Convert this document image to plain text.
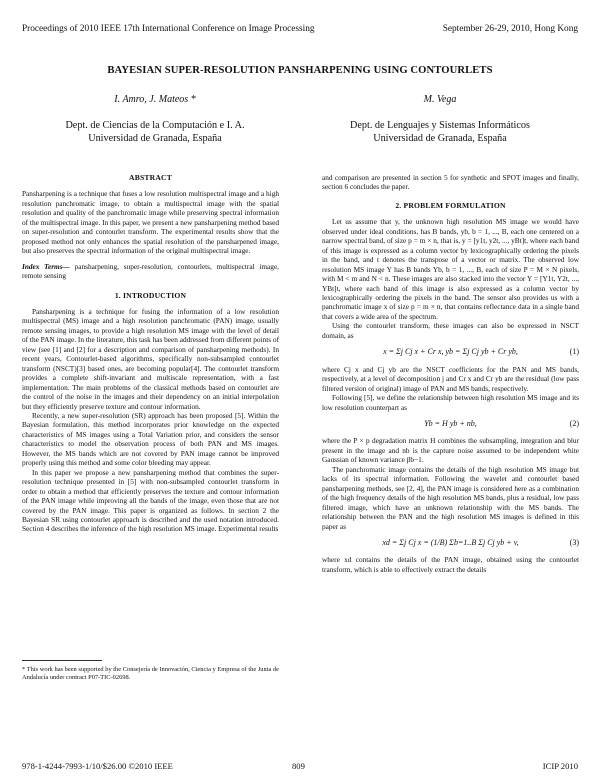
Proceedings of 2010 IEEE 17th International Conference on Image Processing	September 26-29, 2010, Hong Kong
BAYESIAN SUPER-RESOLUTION PANSHARPENING USING CONTOURLETS
I. Amro, J. Mateos *
Dept. de Ciencias de la Computación e I. A.
Universidad de Granada, España
M. Vega
Dept. de Lenguajes y Sistemas Informáticos
Universidad de Granada, España
ABSTRACT

Pansharpening is a technique that fuses a low resolution multispectral image and a high resolution panchromatic image, to obtain a multispectral image with the spatial resolution and quality of the panchromatic image while preserving spectral information of the multispectral image. In this paper, we present a new pansharpening method based on super-resolution and contourlet transform. The experimental results show that the proposed method not only enhances the spatial resolution of the pansharpened image, but also preserves the spectral information of the original multispectral image.

Index Terms— pansharpening, super-resolution, contourlets, multispectral image, remote sensing

1. INTRODUCTION

Pansharpening is a technique for fusing the information of a low resolution multispectral (MS) image and a high resolution panchromatic (PAN) image, usually remote sensing images, to provide a high resolution MS image with the level of detail of the PAN image. In the literature, this task has been addressed from different points of view (see [1] and [2] for a description and comparison of pansharpening methods). In recent years, Contourlet-based algorithms, specifically non-subsampled contourlet transform (NSCT)[3] based ones, are becoming popular[4]. The contourlet transform provides a complete shift-invariant and multiscale representation, with a fast implementation. The main problems of the classical methods based on contourlet are the control of the noise in the images and their dependency on an initial interpolation but they efficiently preserve texture and contour information.

Recently, a new super-resolution (SR) approach has been proposed [5]. Within the Bayesian formulation, this method incorporates prior knowledge on the expected characteristics of MS images using a Total Variation prior, and considers the sensor characteristics to model the observation process of both PAN and MS images. However, the MS bands which are not covered by PAN image cannot be improved properly using this method and some color bleeding may appear.

In this paper we propose a new pansharpening method that combines the super-resolution technique presented in [5] with non-subsampled contourlet transform in order to obtain a method that efficiently preserves the texture and contour information of the PAN image while improving all the bands of the image, even those that are not covered by the PAN image. This paper is organized as follows. In section 2 the Bayesian SR using contourlet approach is described and the used notation introduced. Section 4 describes the inference of the high resolution MS image. Experimental results

* This work has been supported by the Consejería de Innovación, Ciencia y Empresa of the Junta de Andalucía under contract P07-TIC-02698.

and comparison are presented in section 5 for synthetic and SPOT images and finally, section 6 concludes the paper.

2. PROBLEM FORMULATION

Let us assume that y, the unknown high resolution MS image we would have observed under ideal conditions, has B bands, yb, b = 1, ..., B, each one centered on a narrow spectral band, of size p = m × n, that is, y = [y1t, y2t, ..., yBt]t, where each band of this image is expressed as a column vector by lexicographically ordering the pixels in the band, and t denotes the transpose of a vector or matrix. The observed low resolution MS image Y has B bands Yb, b = 1, ..., B, each of size P = M × N pixels, with M < m and N < n. These images are also stacked into the vector Y = [Y1t, Y2t, ..., YBt]t, where each band of this image is also expressed as a column vector by lexicographically ordering the pixels in the band. The sensor also provides us with a panchromatic image x of size p = m × n, that contains reflectance data in a single band that covers a wide area of the spectrum.

Using the contourlet transform, these images can also be expressed in NSCT domain, as

x = Σj Cj x + Cr x, yb = Σj Cj yb + Cr yb,	(1)

where Cj x and Cj yb are the NSCT coefficients for the PAN and MS bands, respectively, at a level of decomposition j and Cr x and Cr yb are the residual (low pass filtered version of original) image of PAN and MS bands, respectively.

Following [5], we define the relationship between high resolution MS image and its low resolution counterpart as

Yb = H yb + nb,	(2)

where the P × p degradation matrix H combines the subsampling, integration and blur present in the image and nb is the capture noise assumed to be independent white Gaussian of known variance βb−1.

The panchromatic image contains the details of the high resolution MS image but lacks of its spectral information. Following the wavelet and contourlet based pansharpening methods, see [2, 4], the PAN image is considered here as a combination of the high frequency details of the high resolution MS bands, plus a residual, low pass filtered image, which have an unknown relationship with the MS bands. The relationship between the PAN and the high resolution MS images is defined in this paper as

xd = Σj Cj x = (1/B) Σb=1..B Σj Cj yb + v,	(3)

where xd contains the details of the PAN image, obtained using the contourlet transform, which is able to effectively extract the details

978-1-4244-7993-1/10/$26.00 ©2010 IEEE	809	ICIP 2010
